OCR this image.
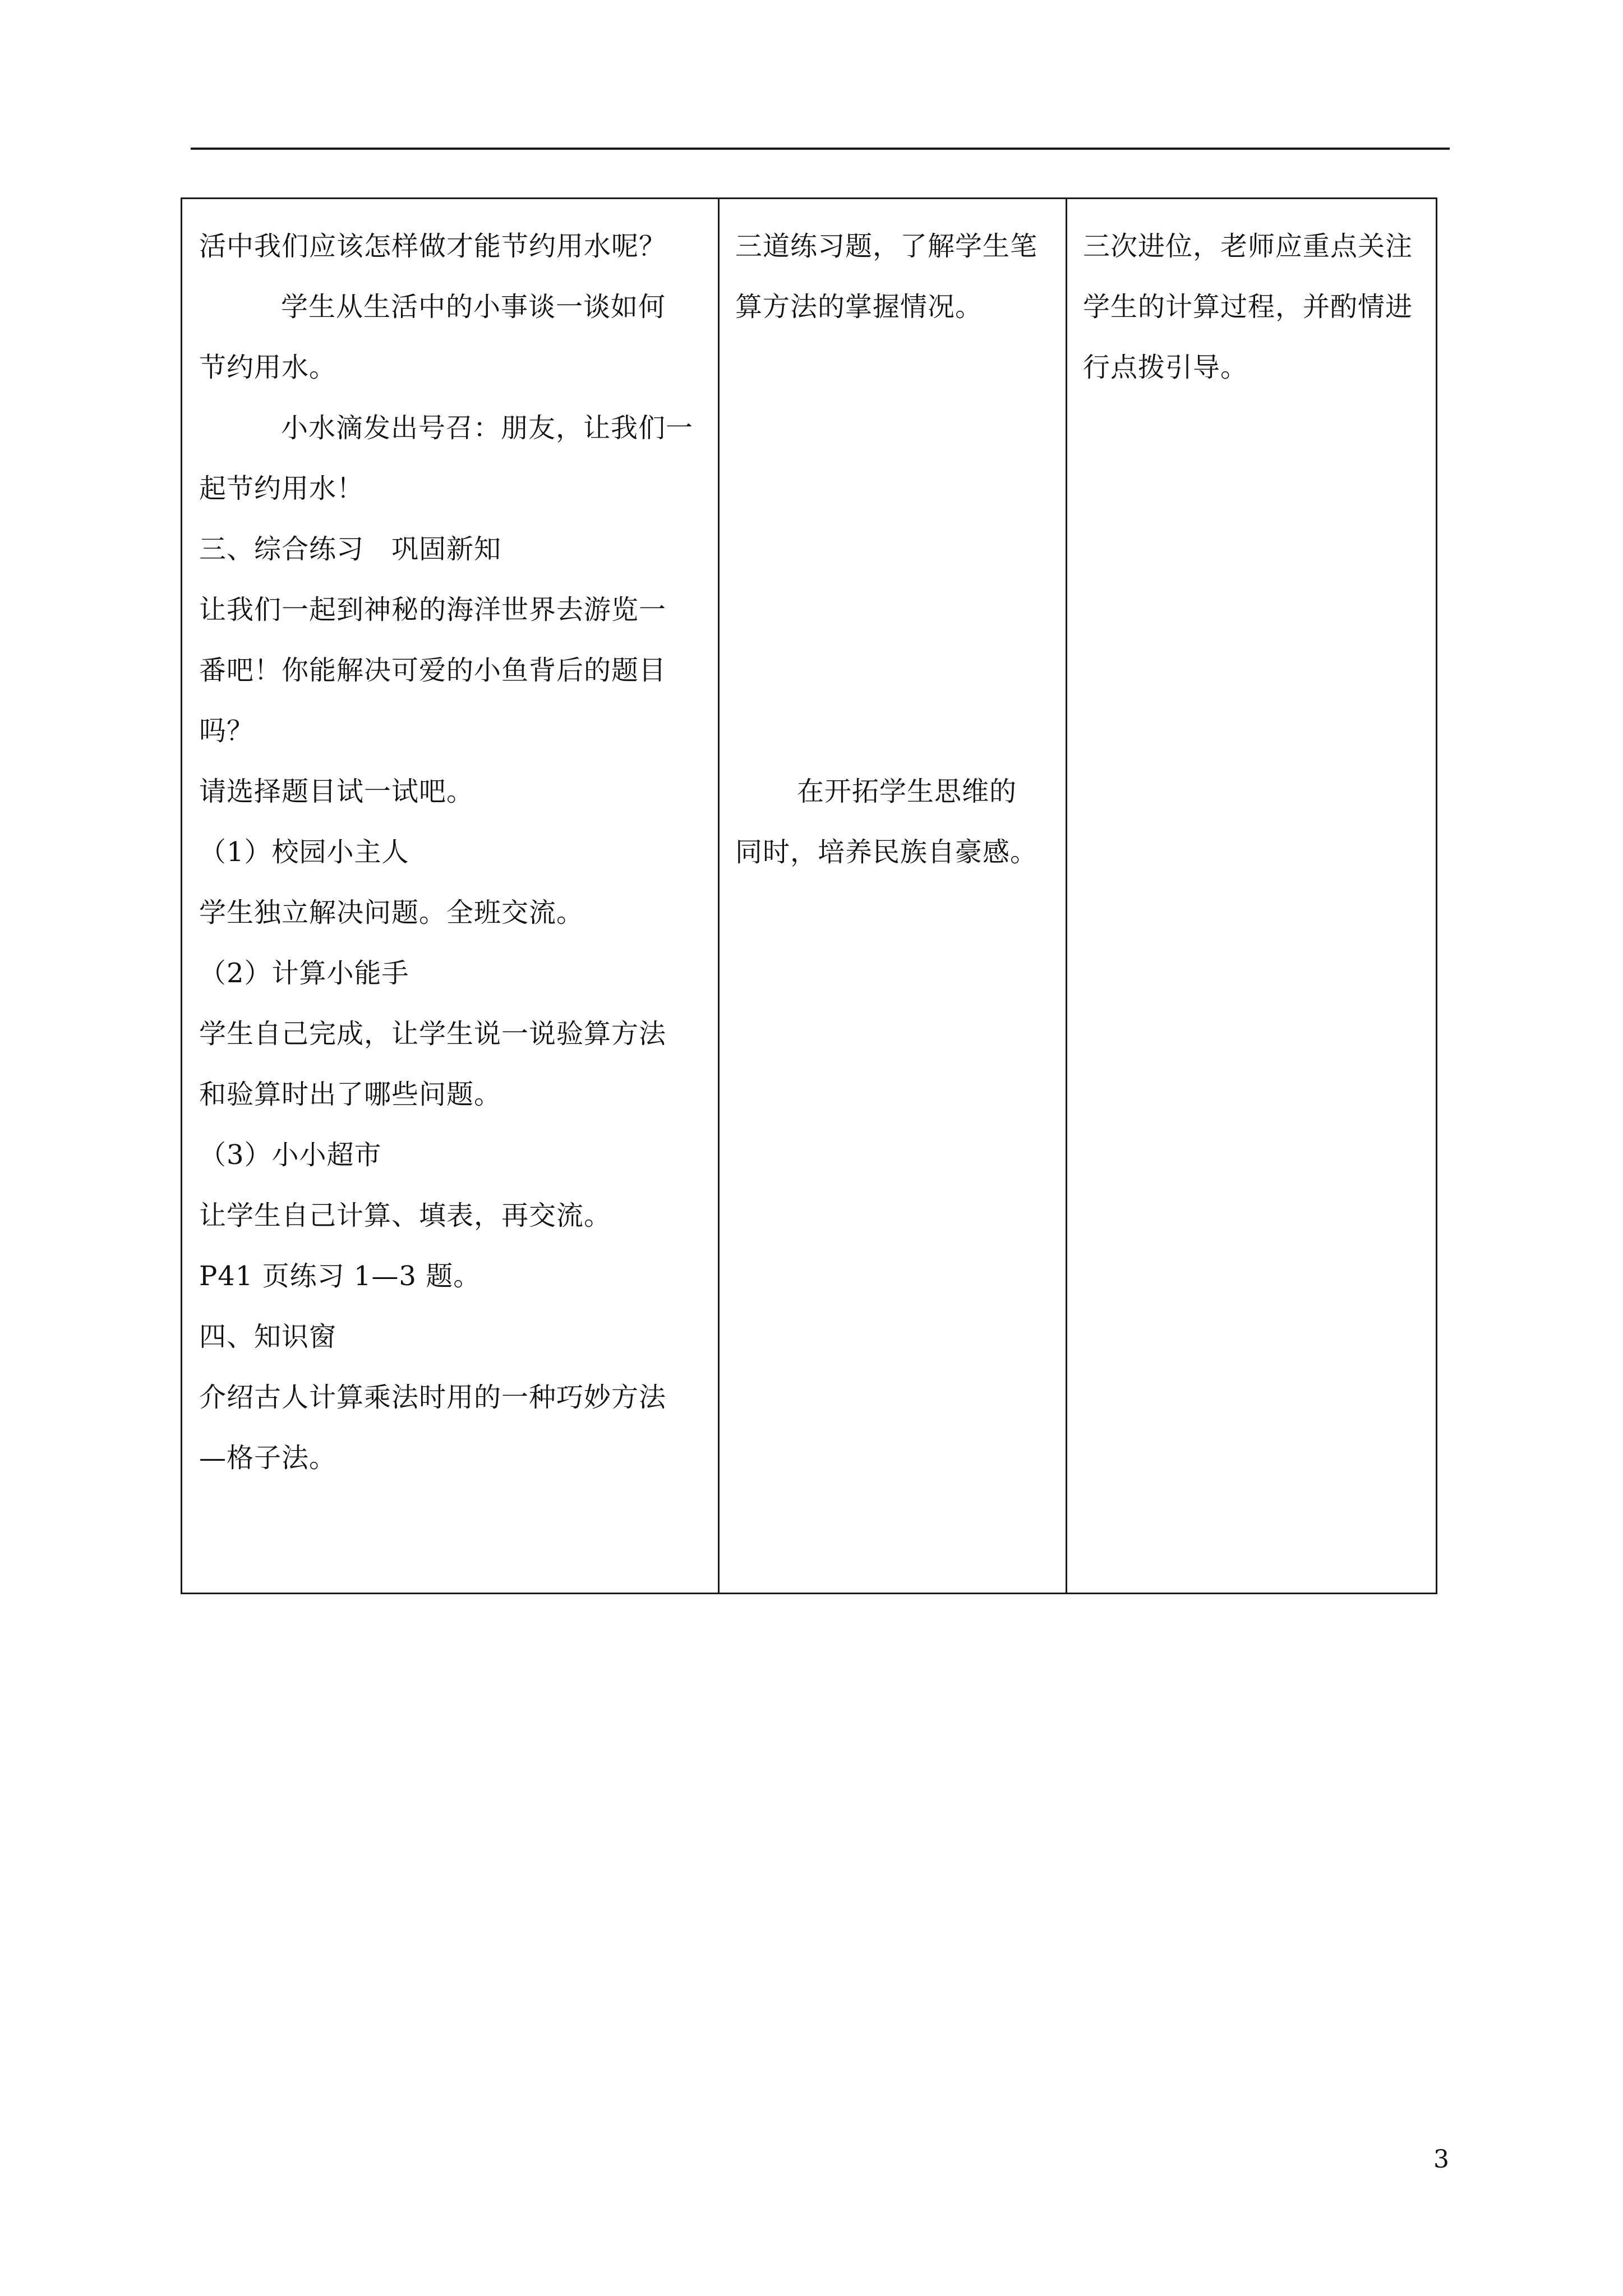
活中我们应该怎样做才能节约用水呢？
学生从生活中的小事谈一谈如何
节约用水。
小水滴发出号召：朋友，让我们一
起节约用水！
三、综合练习　巩固新知
让我们一起到神秘的海洋世界去游览一
番吧！你能解决可爱的小鱼背后的题目
吗？
请选择题目试一试吧。
（1）校园小主人
学生独立解决问题。全班交流。
（2）计算小能手
学生自己完成，让学生说一说验算方法
和验算时出了哪些问题。
（3）小小超市
让学生自己计算、填表，再交流。
P41 页练习 1—3 题。
四、知识窗
介绍古人计算乘法时用的一种巧妙方法
—格子法。
三道练习题，了解学生笔
算方法的掌握情况。
在开拓学生思维的
同时，培养民族自豪感。
三次进位，老师应重点关注
学生的计算过程，并酌情进
行点拨引导。
3
